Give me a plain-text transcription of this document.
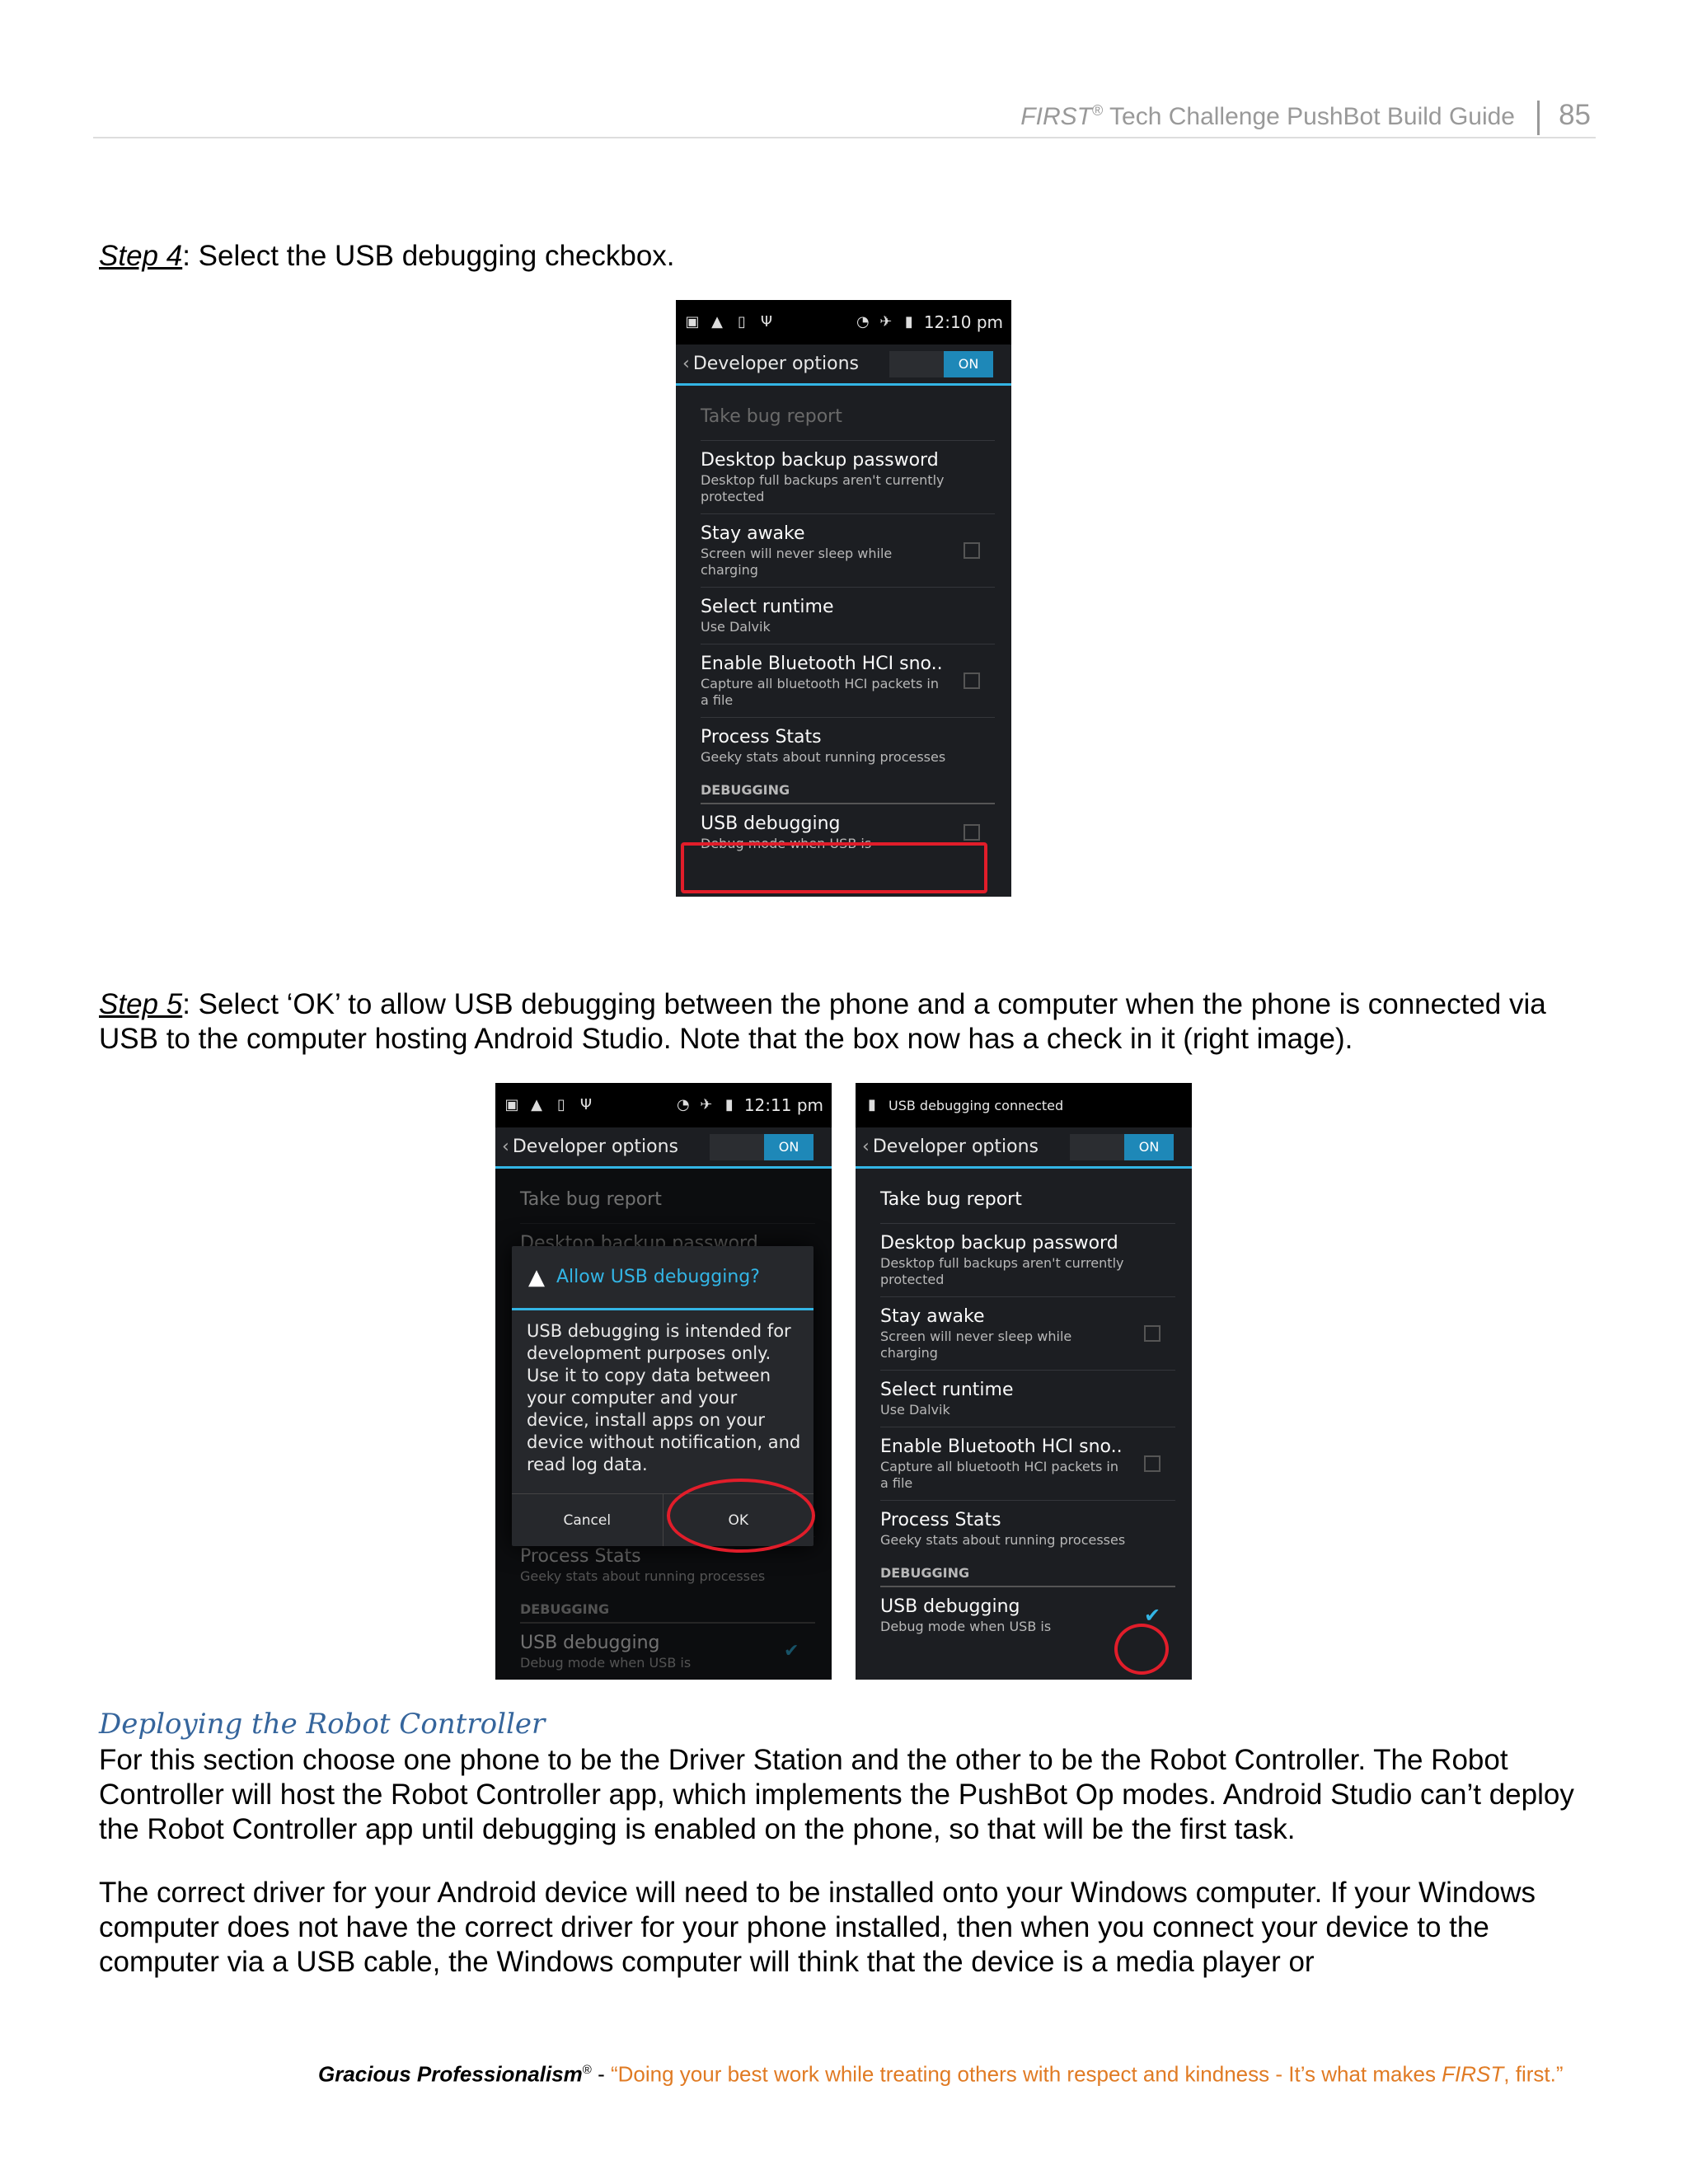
FIRST® Tech Challenge PushBot Build Guide 85
Step 4: Select the USB debugging checkbox.
▣ ▲ ▯ Ψ	◔ ✈ ▮ 12:10 pm
‹ Developer options	ON
Take bug report
Desktop backup password
Desktop full backups aren't currently protected
Stay awake
Screen will never sleep while charging
Select runtime
Use Dalvik
Enable Bluetooth HCI sno..
Capture all bluetooth HCI packets in a file
Process Stats
Geeky stats about running processes
DEBUGGING
USB debugging
Debug mode when USB is
Step 5: Select ‘OK’ to allow USB debugging between the phone and a computer when the phone is connected via USB to the computer hosting Android Studio. Note that the box now has a check in it (right image).
▣ ▲ ▯ Ψ	◔ ✈ ▮ 12:11 pm
‹ Developer options	ON
▲ Allow USB debugging?
USB debugging is intended for development purposes only. Use it to copy data between your computer and your device, install apps on your device without notification, and read log data.
Cancel	OK
▮ USB debugging connected
‹ Developer options	ON
Take bug report
Desktop backup password
Desktop full backups aren't currently protected
Stay awake
Screen will never sleep while charging
Select runtime
Use Dalvik
Enable Bluetooth HCI sno..
Capture all bluetooth HCI packets in a file
Process Stats
Geeky stats about running processes
DEBUGGING
USB debugging
Debug mode when USB is	✔
Deploying the Robot Controller
For this section choose one phone to be the Driver Station and the other to be the Robot Controller. The Robot Controller will host the Robot Controller app, which implements the PushBot Op modes. Android Studio can’t deploy the Robot Controller app until debugging is enabled on the phone, so that will be the first task.
The correct driver for your Android device will need to be installed onto your Windows computer. If your Windows computer does not have the correct driver for your phone installed, then when you connect your device to the computer via a USB cable, the Windows computer will think that the device is a media player or
Gracious Professionalism® - “Doing your best work while treating others with respect and kindness - It’s what makes FIRST, first.”
